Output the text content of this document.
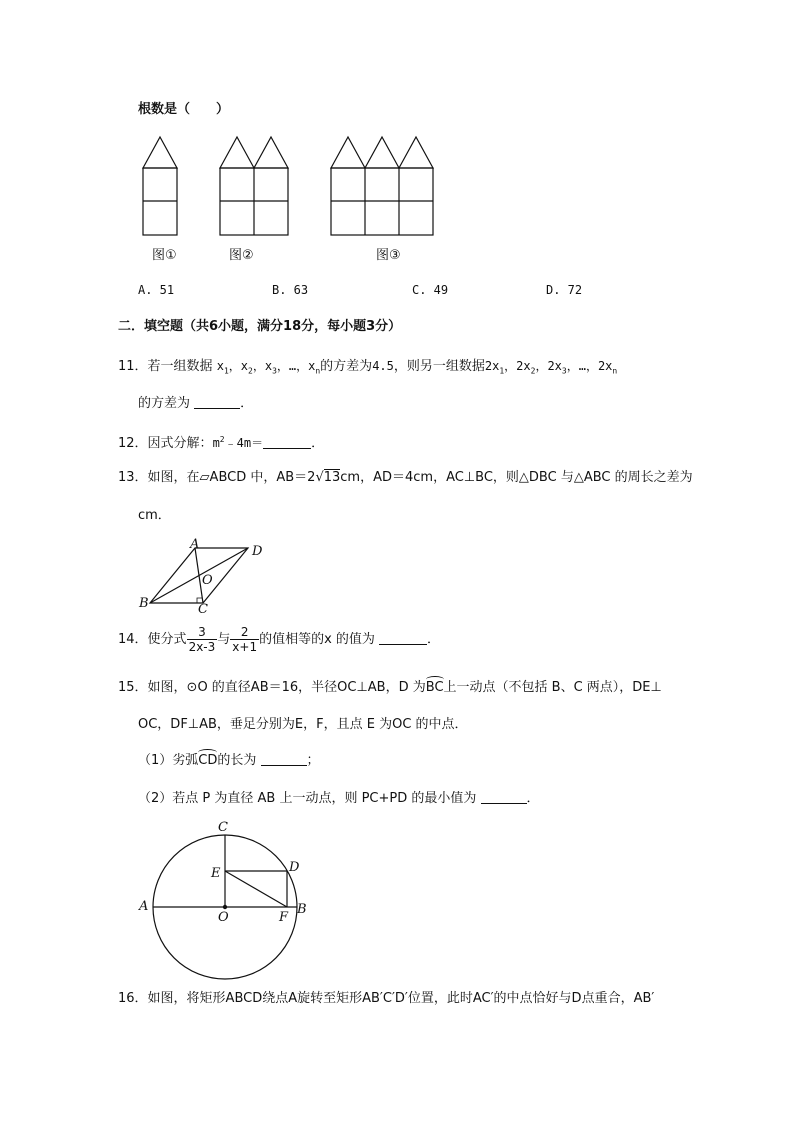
根数是（　　）
图①	图②	图③
A. 51	B. 63	C. 49	D. 72
二．填空题（共6小题，满分18分，每小题3分）
11．若一组数据 $x_1$，$x_2$，$x_3$，…，$x_n$的方差为4.5，则另一组数据$2x_1$，$2x_2$，$2x_3$，…，$2x_n$
的方差为	．
12．因式分解：$m^2﹣4m=$	．
13．如图，在▱ABCD 中，AB＝2√13cm，AD＝4cm，AC⊥BC，则△DBC 与△ABC 的周长之差为
cm．
A
B	C
D
O
14．使分式 $\frac{3}{2x-3}$ 与 $\frac{2}{x+1}$ 的值相等的x 的值为	．
15．如图，⊙O 的直径AB＝16，半径OC⊥AB，D 为BC上一动点（不包括 B、C 两点），DE⊥
OC，DF⊥AB，垂足分别为E，F，且点 E 为OC 的中点．
（1）劣弧CD的长为	；
（2）若点 P 为直径 AB 上一动点，则 PC+PD 的最小值为	．
C
D
E
A	B
O	F
16．如图，将矩形ABCD绕点A旋转至矩形AB′C′D′位置，此时AC′的中点恰好与D点重合，AB′
